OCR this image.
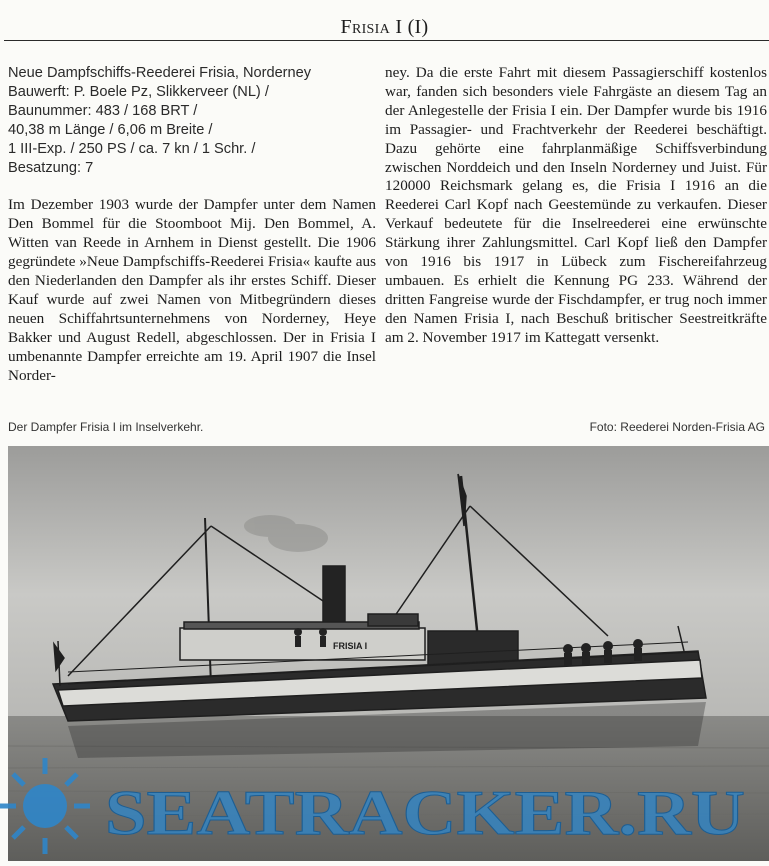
Frisia I (I)
Neue Dampfschiffs-Reederei Frisia, Norderney
Bauwerft: P. Boele Pz, Slikkerveer (NL) /
Baunummer: 483 / 168 BRT /
40,38 m Länge / 6,06 m Breite /
1 III-Exp. / 250 PS / ca. 7 kn / 1 Schr. /
Besatzung: 7

Im Dezember 1903 wurde der Dampfer unter dem Namen Den Bommel für die Stoomboot Mij. Den Bommel, A. Witten van Reede in Arnhem in Dienst gestellt. Die 1906 gegründete »Neue Dampfschiffs-Reederei Frisia« kaufte aus den Niederlanden den Dampfer als ihr erstes Schiff. Dieser Kauf wurde auf zwei Namen von Mitbegründern dieses neuen Schiffahrtsunternehmens von Norderney, Heye Bakker und August Redell, abgeschlossen. Der in Frisia I umbenannte Dampfer erreichte am 19. April 1907 die Insel Norder-

ney. Da die erste Fahrt mit diesem Passagierschiff kostenlos war, fanden sich besonders viele Fahrgäste an diesem Tag an der Anlegestelle der Frisia I ein. Der Dampfer wurde bis 1916 im Passagier- und Frachtverkehr der Reederei beschäftigt. Dazu gehörte eine fahrplanmäßige Schiffsverbindung zwischen Norddeich und den Inseln Norderney und Juist. Für 120000 Reichsmark gelang es, die Frisia I 1916 an die Reederei Carl Kopf nach Geestemünde zu verkaufen. Dieser Verkauf bedeutete für die Inselreederei eine erwünschte Stärkung ihrer Zahlungsmittel. Carl Kopf ließ den Dampfer von 1916 bis 1917 in Lübeck zum Fischereifahrzeug umbauen. Es erhielt die Kennung PG 233. Während der dritten Fangreise wurde der Fischdampfer, er trug noch immer den Namen Frisia I, nach Beschuß britischer Seestreitkräfte am 2. November 1917 im Kattegatt versenkt.

Der Dampfer Frisia I im Inselverkehr.	Foto: Reederei Norden-Frisia AG
FRISIA I
SEATRACKER.RU
